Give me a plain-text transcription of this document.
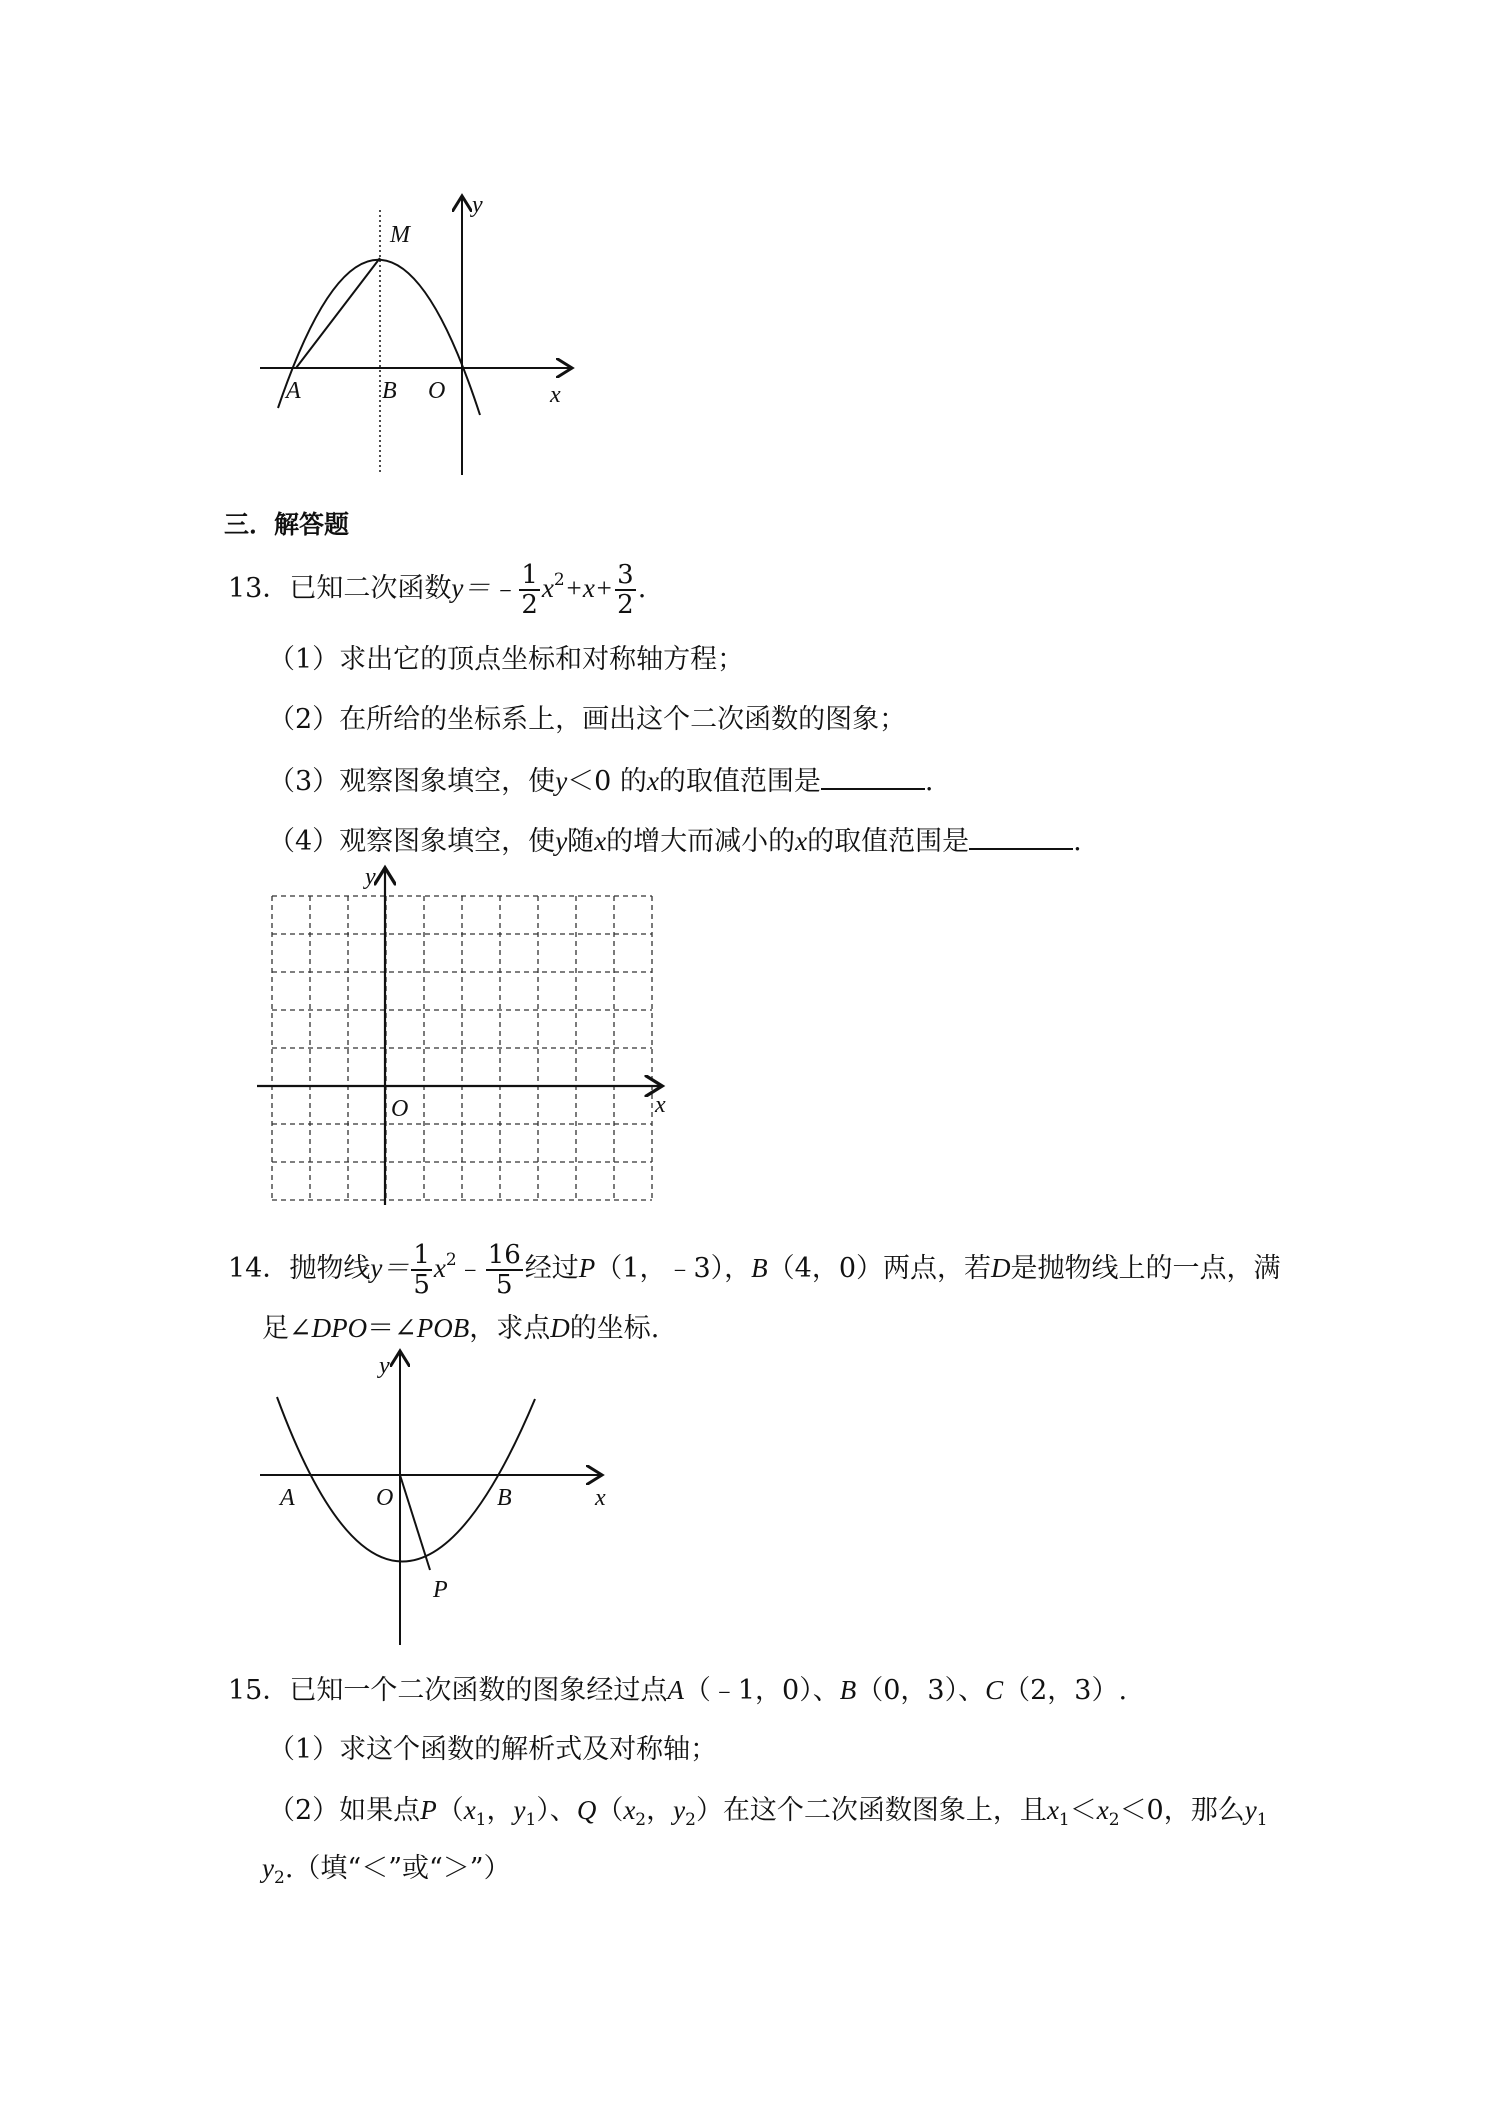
y
x
M
A	B O
三．解答题
13．已知二次函数y＝﹣ $\frac{1}{2} x^2+x+ \frac{3}{2}$ .
（1）求出它的顶点坐标和对称轴方程；
（2）在所给的坐标系上，画出这个二次函数的图象；
（3）观察图象填空，使y＜0 的x的取值范围是	.
（4）观察图象填空，使y随x的增大而减小的x的取值范围是	.
y
x
O
14．抛物线$y= \frac{1}{5}$ $x^2﹣ \frac{16}{5}$ 经过P（1，﹣3），B（4，0）两点，若D是抛物线上的一点，满
足∠DPO＝∠POB，求点D的坐标.
y
x
A	O	B
P
15．已知一个二次函数的图象经过点A（﹣1，0）、B（0，3）、C（2，3）.
（1）求这个函数的解析式及对称轴；
（2）如果点$P(x_1$，$y_1$）、$Q(x_2$，$y_2$）在这个二次函数图象上，且$x_1<x_2<0$，那么$y_1$
$y_2$.（填“＜”或“＞”）
